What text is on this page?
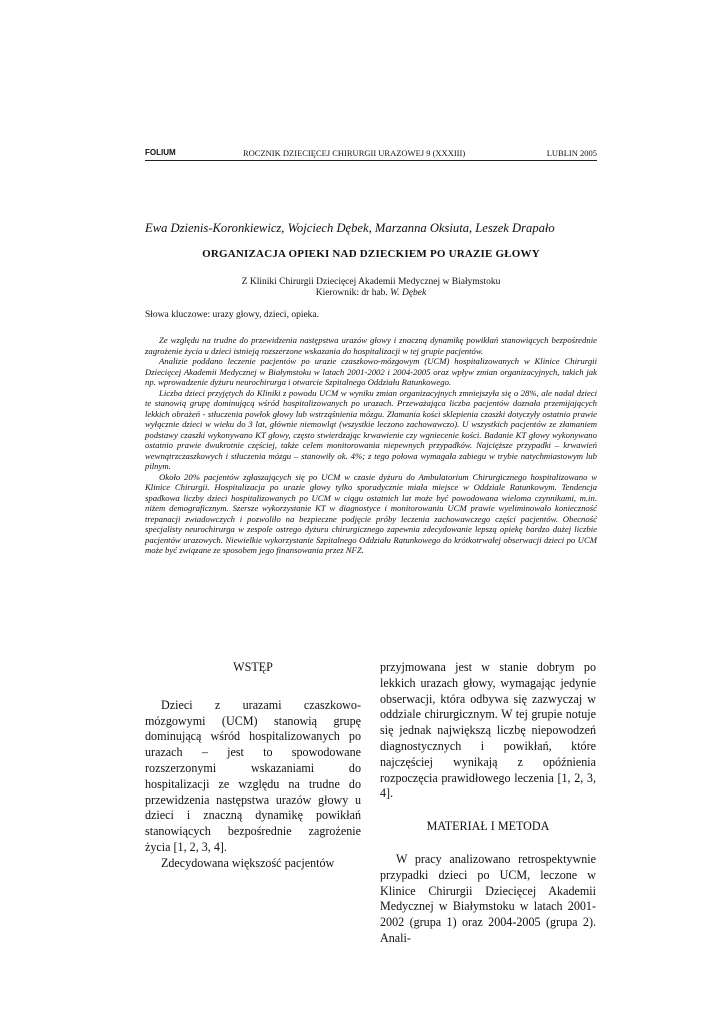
FOLIUM	ROCZNIK DZIECIĘCEJ CHIRURGII URAZOWEJ 9 (XXXIII)	LUBLIN 2005
Ewa Dzienis-Koronkiewicz, Wojciech Dębek, Marzanna Oksiuta, Leszek Drapało
ORGANIZACJA OPIEKI NAD DZIECKIEM PO URAZIE GŁOWY
Z Kliniki Chirurgii Dziecięcej Akademii Medycznej w Białymstoku
Kierownik: dr hab. W. Dębek
Słowa kluczowe: urazy głowy, dzieci, opieka.

Ze względu na trudne do przewidzenia następstwa urazów głowy i znaczną dynamikę powikłań stanowiących bezpośrednie zagrożenie życia u dzieci istnieją rozszerzone wskazania do hospitalizacji w tej grupie pacjentów.

Analizie poddano leczenie pacjentów po urazie czaszkowo-mózgowym (UCM) hospitalizowanych w Klinice Chirurgii Dziecięcej Akademii Medycznej w Białymstoku w latach 2001-2002 i 2004-2005 oraz wpływ zmian organizacyjnych, takich jak np. wprowadzenie dyżuru neurochirurga i otwarcie Szpitalnego Oddziału Ratunkowego.

Liczba dzieci przyjętych do Kliniki z powodu UCM w wyniku zmian organizacyjnych zmniejszyła się o 28%, ale nadal dzieci te stanowią grupę dominującą wśród hospitalizowanych po urazach. Przeważająca liczba pacjentów doznała przemijających lekkich obrażeń - stłuczenia powłok głowy lub wstrząśnienia mózgu. Złamania kości sklepienia czaszki dotyczyły ostatnio prawie wyłącznie dzieci w wieku do 3 lat, głównie niemowląt (wszystkie leczono zachowawczo). U wszystkich pacjentów ze złamaniem podstawy czaszki wykonywano KT głowy, często stwierdzając krwawienie czy wgniecenie kości. Badanie KT głowy wykonywano ostatnio prawie dwukrotnie częściej, także celem monitorowania niepewnych przypadków. Najcięższe przypadki – krwawień wewnątrzczaszkowych i stłuczenia mózgu – stanowiły ok. 4%; z tego połowa wymagała zabiegu w trybie natychmiastowym lub pilnym.

Około 20% pacjentów zgłaszających się po UCM w czasie dyżuru do Ambulatorium Chirurgicznego hospitalizowano w Klinice Chirurgii. Hospitalizacja po urazie głowy tylko sporadycznie miała miejsce w Oddziale Ratunkowym. Tendencja spadkowa liczby dzieci hospitalizowanych po UCM w ciągu ostatnich lat może być powodowana wieloma czynnikami, m.in. niżem demograficznym. Szersze wykorzystanie KT w diagnostyce i monitorowaniu UCM prawie wyeliminowało konieczność trepanacji zwiadowczych i pozwoliło na bezpieczne podjęcie próby leczenia zachowawczego części pacjentów. Obecność specjalisty neurochirurga w zespole ostrego dyżuru chirurgicznego zapewnia zdecydowanie lepszą opiekę bardzo dużej liczbie pacjentów urazowych. Niewielkie wykorzystanie Szpitalnego Oddziału Ratunkowego do krótkotrwałej obserwacji dzieci po UCM może być związane ze sposobem jego finansowania przez NFZ.

WSTĘP

Dzieci z urazami czaszkowo-mózgowymi (UCM) stanowią grupę dominującą wśród hospitalizowanych po urazach – jest to spowodowane rozszerzonymi wskazaniami do hospitalizacji ze względu na trudne do przewidzenia następstwa urazów głowy u dzieci i znaczną dynamikę powikłań stanowiących bezpośrednie zagrożenie życia [1, 2, 3, 4].

Zdecydowana większość pacjentów

przyjmowana jest w stanie dobrym po lekkich urazach głowy, wymagając jedynie obserwacji, która odbywa się zazwyczaj w oddziale chirurgicznym. W tej grupie notuje się jednak największą liczbę niepowodzeń diagnostycznych i powikłań, które najczęściej wynikają z opóźnienia rozpoczęcia prawidłowego leczenia [1, 2, 3, 4].

MATERIAŁ I METODA

W pracy analizowano retrospektywnie przypadki dzieci po UCM, leczone w Klinice Chirurgii Dziecięcej Akademii Medycznej w Białymstoku w latach 2001-2002 (grupa 1) oraz 2004-2005 (grupa 2). Anali-
